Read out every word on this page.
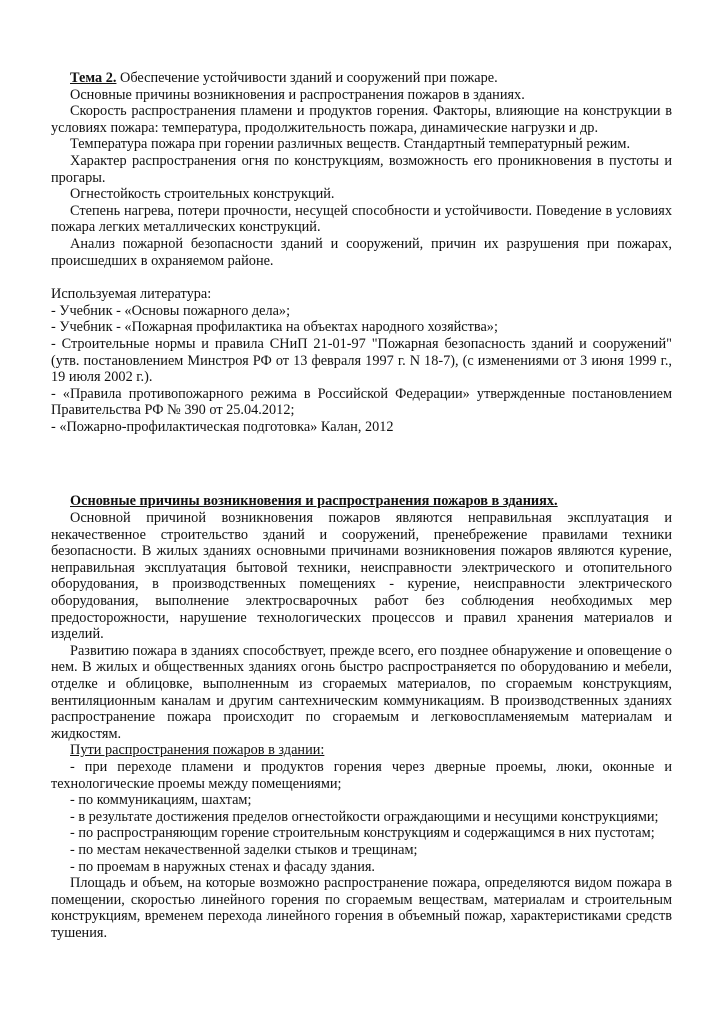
Тема 2. Обеспечение устойчивости зданий и сооружений при пожаре.

Основные причины возникновения и распространения пожаров в зданиях.

Скорость распространения пламени и продуктов горения. Факторы, влияющие на конструкции в условиях пожара: температура, продолжительность пожара, динамические нагрузки и др.

Температура пожара при горении различных веществ. Стандартный температурный режим.

Характер распространения огня по конструкциям, возможность его проникновения в пустоты и прогары.

Огнестойкость строительных конструкций.

Степень нагрева, потери прочности, несущей способности и устойчивости. Поведение в условиях пожара легких металлических конструкций.

Анализ пожарной безопасности зданий и сооружений, причин их разрушения при пожарах, происшедших в охраняемом районе.

Используемая литература:

- Учебник - «Основы пожарного дела»;

- Учебник - «Пожарная профилактика на объектах народного хозяйства»;

- Строительные нормы и правила СНиП 21-01-97 "Пожарная безопасность зданий и сооружений" (утв. постановлением Минстроя РФ от 13 февраля 1997 г. N 18-7), (с изменениями от 3 июня 1999 г., 19 июля 2002 г.).

- «Правила противопожарного режима в Российской Федерации» утвержденные постановлением Правительства РФ № 390 от 25.04.2012;

- «Пожарно-профилактическая подготовка» Калан, 2012

Основные причины возникновения и распространения пожаров в зданиях.

Основной причиной возникновения пожаров являются неправильная эксплуатация и некачественное строительство зданий и сооружений, пренебрежение правилами техники безопасности. В жилых зданиях основными причинами возникновения пожаров являются курение, неправильная эксплуатация бытовой техники, неисправности электрического и отопительного оборудования, в производственных помещениях - курение, неисправности электрического оборудования, выполнение электросварочных работ без соблюдения необходимых мер предосторожности, нарушение технологических процессов и правил хранения материалов и изделий.

Развитию пожара в зданиях способствует, прежде всего, его позднее обнаружение и оповещение о нем. В жилых и общественных зданиях огонь быстро распространяется по оборудованию и мебели, отделке и облицовке, выполненным из сгораемых материалов, по сгораемым конструкциям, вентиляционным каналам и другим сантехническим коммуникациям. В производственных зданиях распространение пожара происходит по сгораемым и легковоспламеняемым материалам и жидкостям.

Пути распространения пожаров в здании:

- при переходе пламени и продуктов горения через дверные проемы, люки, оконные и технологические проемы между помещениями;

- по коммуникациям, шахтам;

- в результате достижения пределов огнестойкости ограждающими и несущими конструкциями;

- по распространяющим горение строительным конструкциям и содержащимся в них пустотам;

- по местам некачественной заделки стыков и трещинам;

- по проемам в наружных стенах и фасаду здания.

Площадь и объем, на которые возможно распространение пожара, определяются видом пожара в помещении, скоростью линейного горения по сгораемым веществам, материалам и строительным конструкциям, временем перехода линейного горения в объемный пожар, характеристиками средств тушения.
